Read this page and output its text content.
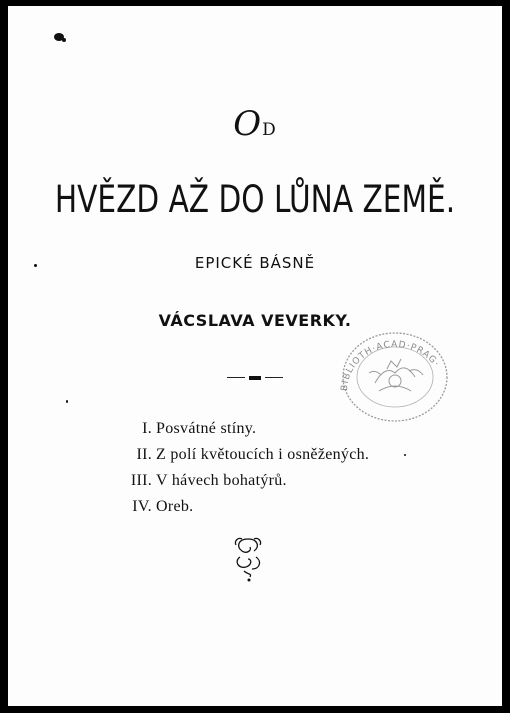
OD
HVĚZD AŽ DO LŮNA ZEMĚ.
EPICKÉ BÁSNĚ
VÁCSLAVA VEVERKY.
BIBLIOTH·ACAD·PRAG·
I. Posvátné stíny.
II. Z polí květoucích i osněžených.
III. V hávech bohatýrů.
IV. Oreb.
